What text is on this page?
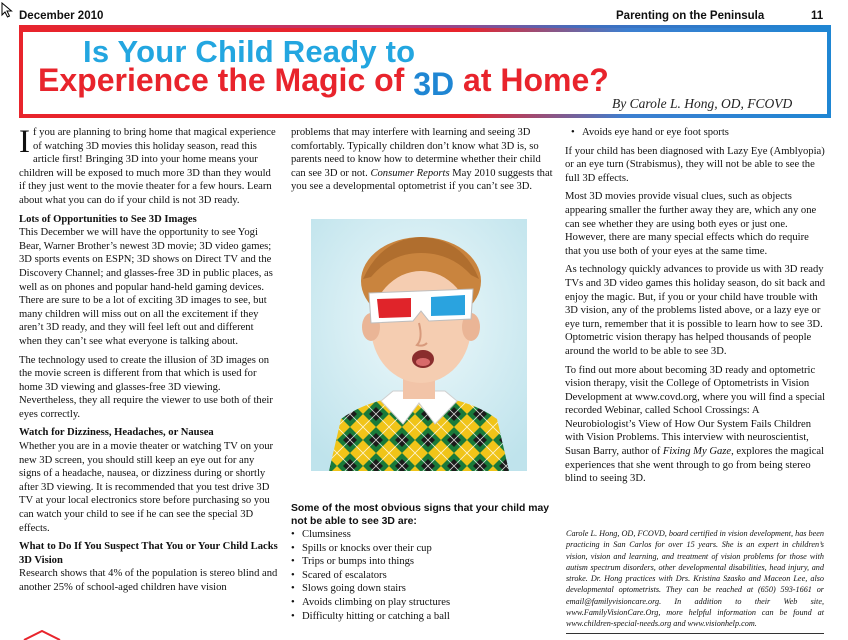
December 2010	Parenting on the Peninsula	11
Is Your Child Ready to
Experience the Magic of 3D at Home?
By Carole L. Hong, OD, FCOVD

If you are planning to bring home that magical experience of watching 3D movies this holiday season, read this article first! Bringing 3D into your home means your children will be exposed to much more 3D than they would if they just went to the movie theater for a few hours. Learn about what you can do if your child is not 3D ready.

Lots of Opportunities to See 3D Images

This December we will have the opportunity to see Yogi Bear, Warner Brother’s newest 3D movie; 3D video games; 3D sports events on ESPN; 3D shows on Direct TV and the Discovery Channel; and glasses-free 3D in public places, as well as on phones and popular hand-held gaming devices. There are sure to be a lot of exciting 3D images to see, but many children will miss out on all the excitement if they aren’t 3D ready, and they will feel left out and different when they can’t see what everyone is talking about.

The technology used to create the illusion of 3D images on the movie screen is different from that which is used for home 3D viewing and glasses-free 3D viewing. Nevertheless, they all require the viewer to use both of their eyes correctly.

Watch for Dizziness, Headaches, or Nausea

Whether you are in a movie theater or watching TV on your new 3D screen, you should still keep an eye out for any signs of a headache, nausea, or dizziness during or shortly after 3D viewing. It is recommended that you test drive 3D TV at your local electronics store before purchasing so you can watch your child to see if he can see the special 3D effects.

What to Do If You Suspect That You or Your Child Lacks 3D Vision

Research shows that 4% of the population is stereo blind and another 25% of school-aged children have vision

problems that may interfere with learning and seeing 3D comfortably. Typically children don’t know what 3D is, so parents need to know how to determine whether their child can see 3D or not. Consumer Reports May 2010 suggests that you see a developmental optometrist if you can’t see 3D.

Some of the most obvious signs that your child may not be able to see 3D are:
• Clumsiness
• Spills or knocks over their cup
• Trips or bumps into things
• Scared of escalators
• Slows going down stairs
• Avoids climbing on play structures
• Difficulty hitting or catching a ball
• Avoids eye hand or eye foot sports

If your child has been diagnosed with Lazy Eye (Amblyopia) or an eye turn (Strabismus), they will not be able to see the full 3D effects.

Most 3D movies provide visual clues, such as objects appearing smaller the further away they are, which any one can see whether they are using both eyes or just one. However, there are many special effects which do require that you use both of your eyes at the same time.

As technology quickly advances to provide us with 3D ready TVs and 3D video games this holiday season, do sit back and enjoy the magic. But, if you or your child have trouble with 3D vision, any of the problems listed above, or a lazy eye or eye turn, remember that it is possible to learn how to see 3D. Optometric vision therapy has helped thousands of people around the world to be able to see 3D.

To find out more about becoming 3D ready and optometric vision therapy, visit the College of Optometrists in Vision Development at www.covd.org, where you will find a special recorded Webinar, called School Crossings: A Neurobiologist’s View of How Our System Fails Children with Vision Problems. This interview with neuroscientist, Susan Barry, author of Fixing My Gaze, explores the magical experiences that she went through to go from being stereo blind to seeing 3D.

Carole L. Hong, OD, FCOVD, board certified in vision development, has been practicing in San Carlos for over 15 years. She is an expert in children’s vision, vision and learning, and treatment of vision problems for those with autism spectrum disorders, other developmental disabilities, head injury, and stroke. Dr. Hong practices with Drs. Kristina Szasko and Maceon Lee, also developmental optometrists. They can be reached at (650) 593-1661 or email@familyvisioncare.org. In addition to their Web site, www.FamilyVisionCare.Org, more helpful information can be found at www.children-special-needs.org and www.visionhelp.com.
